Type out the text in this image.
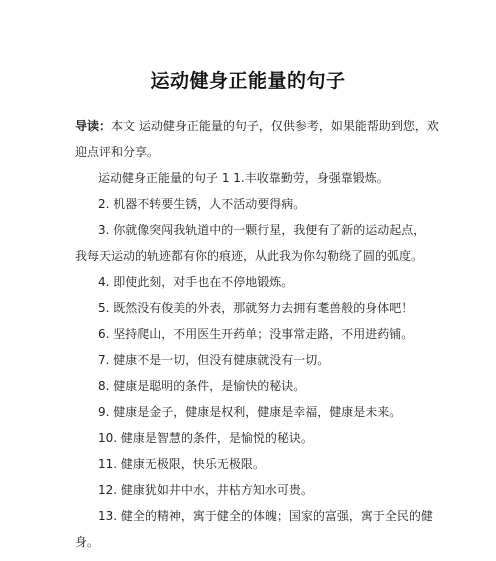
运动健身正能量的句子
导读：本文 运动健身正能量的句子，仅供参考，如果能帮助到您，欢
迎点评和分享。
运动健身正能量的句子 1 1.丰收靠勤劳，身强靠锻炼。
2. 机器不转要生锈，人不活动要得病。
3. 你就像突闯我轨道中的一颗行星，我便有了新的运动起点，
我每天运动的轨迹都有你的痕迹，从此我为你勾勒绕了圆的弧度。
4. 即使此刻，对手也在不停地锻炼。
5. 既然没有俊美的外表，那就努力去拥有耄兽般的身体吧！
6. 坚持爬山，不用医生开药单；没事常走路，不用进药铺。
7. 健康不是一切，但没有健康就没有一切。
8. 健康是聪明的条件，是愉快的秘诀。
9. 健康是金子，健康是权利，健康是幸福，健康是未来。
10. 健康是智慧的条件，是愉悦的秘诀。
11. 健康无极限，快乐无极限。
12. 健康犹如井中水，井枯方知水可贵。
13. 健全的精神，寓于健全的体魄；国家的富强，寓于全民的健
身。
